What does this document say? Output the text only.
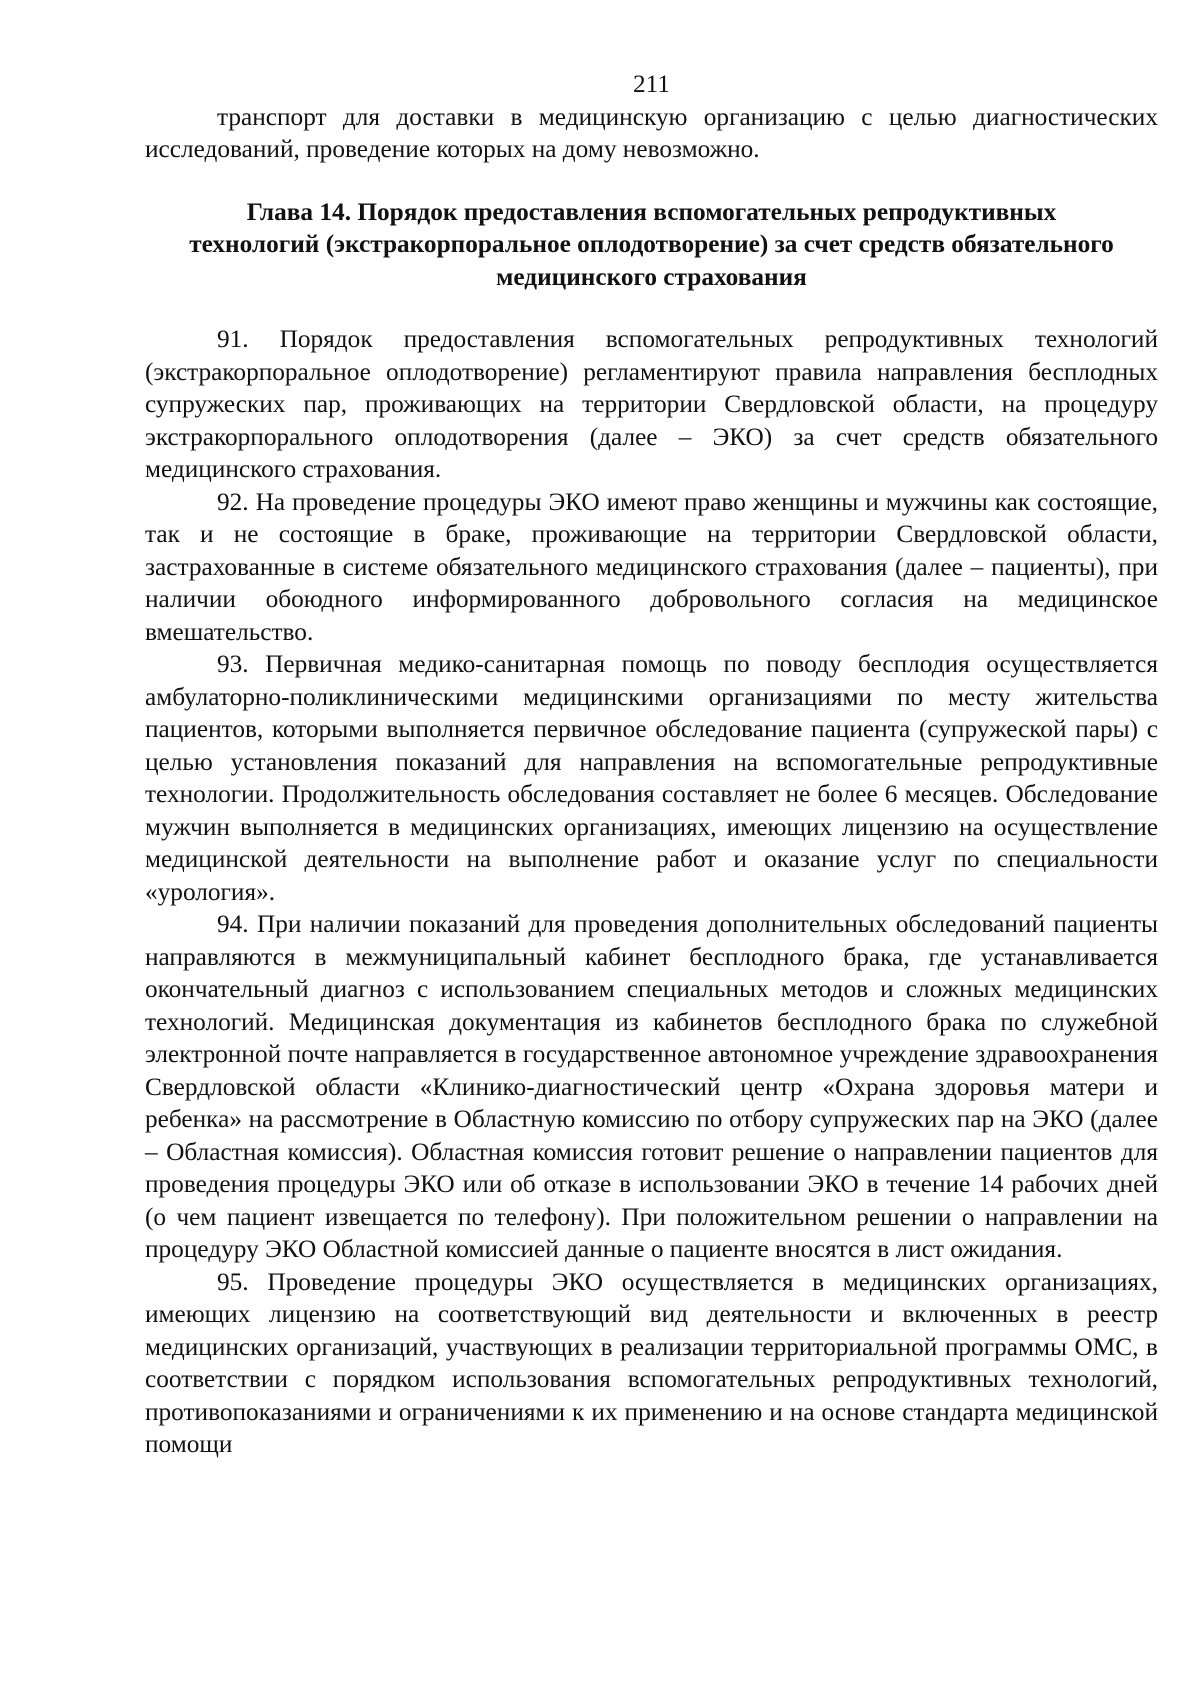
211

транспорт для доставки в медицинскую организацию с целью диагностических исследований, проведение которых на дому невозможно.

Глава 14. Порядок предоставления вспомогательных репродуктивных технологий (экстракорпоральное оплодотворение) за счет средств обязательного медицинского страхования

91. Порядок предоставления вспомогательных репродуктивных технологий (экстракорпоральное оплодотворение) регламентируют правила направления бесплодных супружеских пар, проживающих на территории Свердловской области, на процедуру экстракорпорального оплодотворения (далее – ЭКО) за счет средств обязательного медицинского страхования.

92. На проведение процедуры ЭКО имеют право женщины и мужчины как состоящие, так и не состоящие в браке, проживающие на территории Свердловской области, застрахованные в системе обязательного медицинского страхования (далее – пациенты), при наличии обоюдного информированного добровольного согласия на медицинское вмешательство.

93. Первичная медико-санитарная помощь по поводу бесплодия осуществляется амбулаторно-поликлиническими медицинскими организациями по месту жительства пациентов, которыми выполняется первичное обследование пациента (супружеской пары) с целью установления показаний для направления на вспомогательные репродуктивные технологии. Продолжительность обследования составляет не более 6 месяцев. Обследование мужчин выполняется в медицинских организациях, имеющих лицензию на осуществление медицинской деятельности на выполнение работ и оказание услуг по специальности «урология».

94. При наличии показаний для проведения дополнительных обследований пациенты направляются в межмуниципальный кабинет бесплодного брака, где устанавливается окончательный диагноз с использованием специальных методов и сложных медицинских технологий. Медицинская документация из кабинетов бесплодного брака по служебной электронной почте направляется в государственное автономное учреждение здравоохранения Свердловской области «Клинико-диагностический центр «Охрана здоровья матери и ребенка» на рассмотрение в Областную комиссию по отбору супружеских пар на ЭКО (далее – Областная комиссия). Областная комиссия готовит решение о направлении пациентов для проведения процедуры ЭКО или об отказе в использовании ЭКО в течение 14 рабочих дней (о чем пациент извещается по телефону). При положительном решении о направлении на процедуру ЭКО Областной комиссией данные о пациенте вносятся в лист ожидания.

95. Проведение процедуры ЭКО осуществляется в медицинских организациях, имеющих лицензию на соответствующий вид деятельности и включенных в реестр медицинских организаций, участвующих в реализации территориальной программы ОМС, в соответствии с порядком использования вспомогательных репродуктивных технологий, противопоказаниями и ограничениями к их применению и на основе стандарта медицинской помощи
